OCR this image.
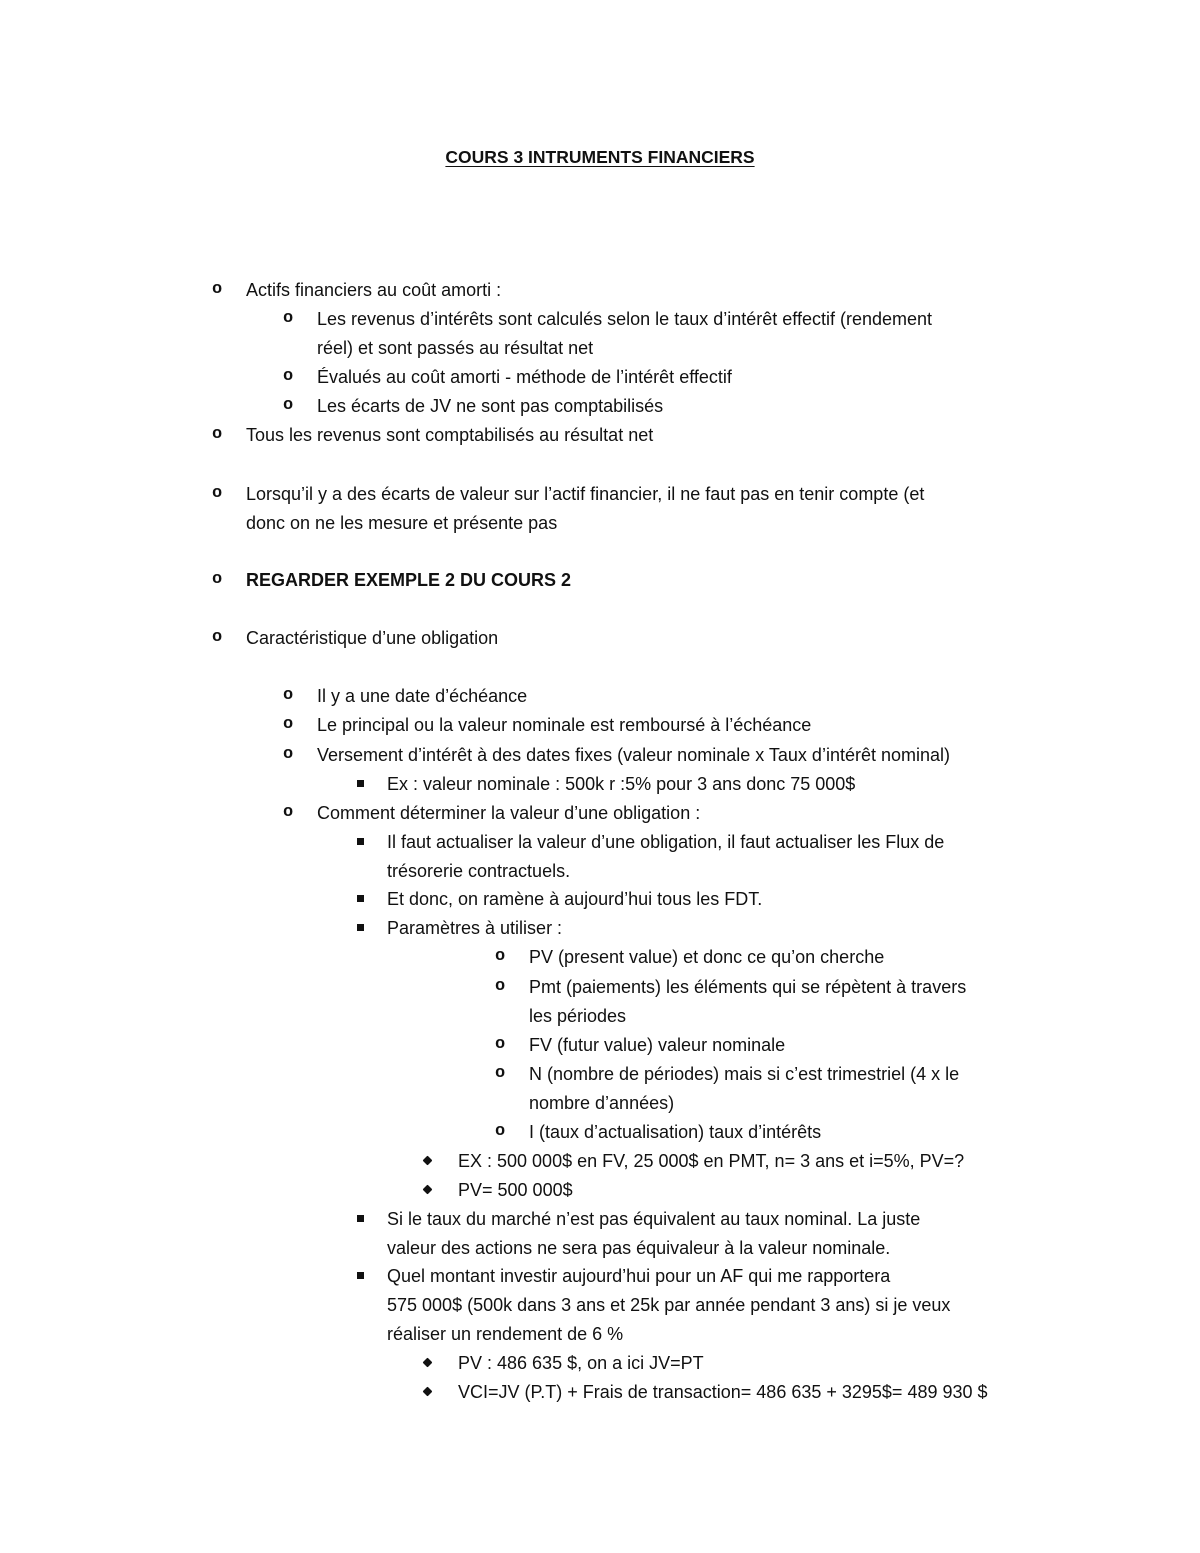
COURS 3 INTRUMENTS FINANCIERS
o Actifs financiers au coût amorti :
o Les revenus d’intérêts sont calculés selon le taux d’intérêt effectif (rendement
réel) et sont passés au résultat net
o Évalués au coût amorti - méthode de l’intérêt effectif
o Les écarts de JV ne sont pas comptabilisés
o Tous les revenus sont comptabilisés au résultat net
o Lorsqu’il y a des écarts de valeur sur l’actif financier, il ne faut pas en tenir compte (et
donc on ne les mesure et présente pas
o REGARDER EXEMPLE 2 DU COURS 2
o Caractéristique d’une obligation
o Il y a une date d’échéance
o Le principal ou la valeur nominale est remboursé à l’échéance
o Versement d’intérêt à des dates fixes (valeur nominale x Taux d’intérêt nominal)
Ex : valeur nominale : 500k r :5% pour 3 ans donc 75 000$
o Comment déterminer la valeur d’une obligation :
Il faut actualiser la valeur d’une obligation, il faut actualiser les Flux de
trésorerie contractuels.
Et donc, on ramène à aujourd’hui tous les FDT.
Paramètres à utiliser :
o PV (present value) et donc ce qu’on cherche
o Pmt (paiements) les éléments qui se répètent à travers
les périodes
o FV (futur value) valeur nominale
o N (nombre de périodes) mais si c’est trimestriel (4 x le
nombre d’années)
o I (taux d’actualisation) taux d’intérêts
EX : 500 000$ en FV, 25 000$ en PMT, n= 3 ans et i=5%, PV=?
PV= 500 000$
Si le taux du marché n’est pas équivalent au taux nominal. La juste
valeur des actions ne sera pas équivaleur à la valeur nominale.
Quel montant investir aujourd’hui pour un AF qui me rapportera
575 000$ (500k dans 3 ans et 25k par année pendant 3 ans) si je veux
réaliser un rendement de 6 %
PV : 486 635 $, on a ici JV=PT
VCI=JV (P.T) + Frais de transaction= 486 635 + 3295$= 489 930 $
